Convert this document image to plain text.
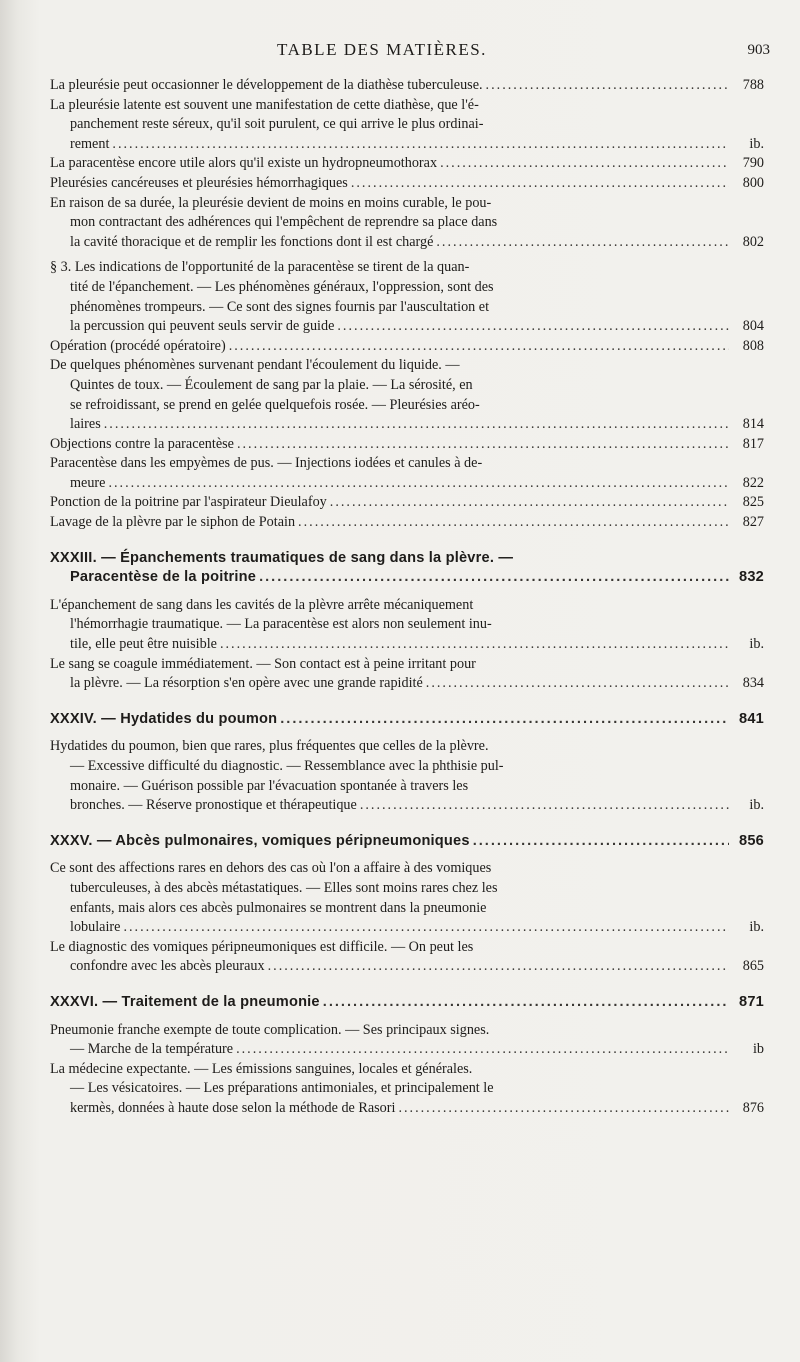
TABLE DES MATIÈRES.	903
La pleurésie peut occasionner le développement de la diathèse tuberculeuse. .....	788
La pleurésie latente est souvent une manifestation de cette diathèse, que l'é-
panchement reste séreux, qu'il soit purulent, ce qui arrive le plus ordinai-
rement .....	ib.
La paracentèse encore utile alors qu'il existe un hydropneumothorax .....	790
Pleurésies cancéreuses et pleurésies hémorrhagiques .....	800
En raison de sa durée, la pleurésie devient de moins en moins curable, le pou-
mon contractant des adhérences qui l'empêchent de reprendre sa place dans
la cavité thoracique et de remplir les fonctions dont il est chargé .....	802
§ 3. Les indications de l'opportunité de la paracentèse se tirent de la quan-
tité de l'épanchement. — Les phénomènes généraux, l'oppression, sont des
phénomènes trompeurs. — Ce sont des signes fournis par l'auscultation et
la percussion qui peuvent seuls servir de guide .....	804
Opération (procédé opératoire) .....	808
De quelques phénomènes survenant pendant l'écoulement du liquide. —
Quintes de toux. — Écoulement de sang par la plaie. — La sérosité, en
se refroidissant, se prend en gelée quelquefois rosée. — Pleurésies aréo-
laires .....	814
Objections contre la paracentèse .....	817
Paracentèse dans les empyèmes de pus. — Injections iodées et canules à de-
meure .....	822
Ponction de la poitrine par l'aspirateur Dieulafoy .....	825
Lavage de la plèvre par le siphon de Potain .....	827
XXXIII. — Épanchements traumatiques de sang dans la plèvre. —
Paracentèse de la poitrine .....	832
L'épanchement de sang dans les cavités de la plèvre arrête mécaniquement
l'hémorrhagie traumatique. — La paracentèse est alors non seulement inu-
tile, elle peut être nuisible .....	ib.
Le sang se coagule immédiatement. — Son contact est à peine irritant pour
la plèvre. — La résorption s'en opère avec une grande rapidité .....	834
XXXIV. — Hydatides du poumon .....	841
Hydatides du poumon, bien que rares, plus fréquentes que celles de la plèvre.
— Excessive difficulté du diagnostic. — Ressemblance avec la phthisie pul-
monaire. — Guérison possible par l'évacuation spontanée à travers les
bronches. — Réserve pronostique et thérapeutique .....	ib.
XXXV. — Abcès pulmonaires, vomiques péripneumoniques .....	856
Ce sont des affections rares en dehors des cas où l'on a affaire à des vomiques
tuberculeuses, à des abcès métastatiques. — Elles sont moins rares chez les
enfants, mais alors ces abcès pulmonaires se montrent dans la pneumonie
lobulaire .....	ib.
Le diagnostic des vomiques péripneumoniques est difficile. — On peut les
confondre avec les abcès pleuraux .....	865
XXXVI. — Traitement de la pneumonie .....	871
Pneumonie franche exempte de toute complication. — Ses principaux signes.
— Marche de la température .....	ib
La médecine expectante. — Les émissions sanguines, locales et générales.
— Les vésicatoires. — Les préparations antimoniales, et principalement le
kermès, données à haute dose selon la méthode de Rasori .....	876
